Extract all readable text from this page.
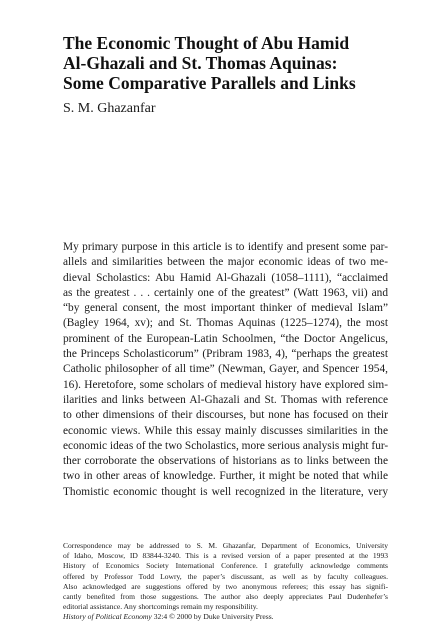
The Economic Thought of Abu Hamid
Al-Ghazali and St. Thomas Aquinas:
Some Comparative Parallels and Links

S. M. Ghazanfar

My primary purpose in this article is to identify and present some par-
allels and similarities between the major economic ideas of two me-
dieval Scholastics: Abu Hamid Al-Ghazali (1058–1111), “acclaimed
as the greatest . . . certainly one of the greatest” (Watt 1963, vii) and
“by general consent, the most important thinker of medieval Islam”
(Bagley 1964, xv); and St. Thomas Aquinas (1225–1274), the most
prominent of the European-Latin Schoolmen, “the Doctor Angelicus,
the Princeps Scholasticorum” (Pribram 1983, 4), “perhaps the greatest
Catholic philosopher of all time” (Newman, Gayer, and Spencer 1954,
16). Heretofore, some scholars of medieval history have explored sim-
ilarities and links between Al-Ghazali and St. Thomas with reference
to other dimensions of their discourses, but none has focused on their
economic views. While this essay mainly discusses similarities in the
economic ideas of the two Scholastics, more serious analysis might fur-
ther corroborate the observations of historians as to links between the
two in other areas of knowledge. Further, it might be noted that while
Thomistic economic thought is well recognized in the literature, very
Correspondence may be addressed to S. M. Ghazanfar, Department of Economics, University
of Idaho, Moscow, ID 83844-3240. This is a revised version of a paper presented at the 1993
History of Economics Society International Conference. I gratefully acknowledge comments
offered by Professor Todd Lowry, the paper’s discussant, as well as by faculty colleagues.
Also acknowledged are suggestions offered by two anonymous referees; this essay has signifi-
cantly benefited from those suggestions. The author also deeply appreciates Paul Dudenhefer’s
editorial assistance. Any shortcomings remain my responsibility.

History of Political Economy 32:4 © 2000 by Duke University Press.
